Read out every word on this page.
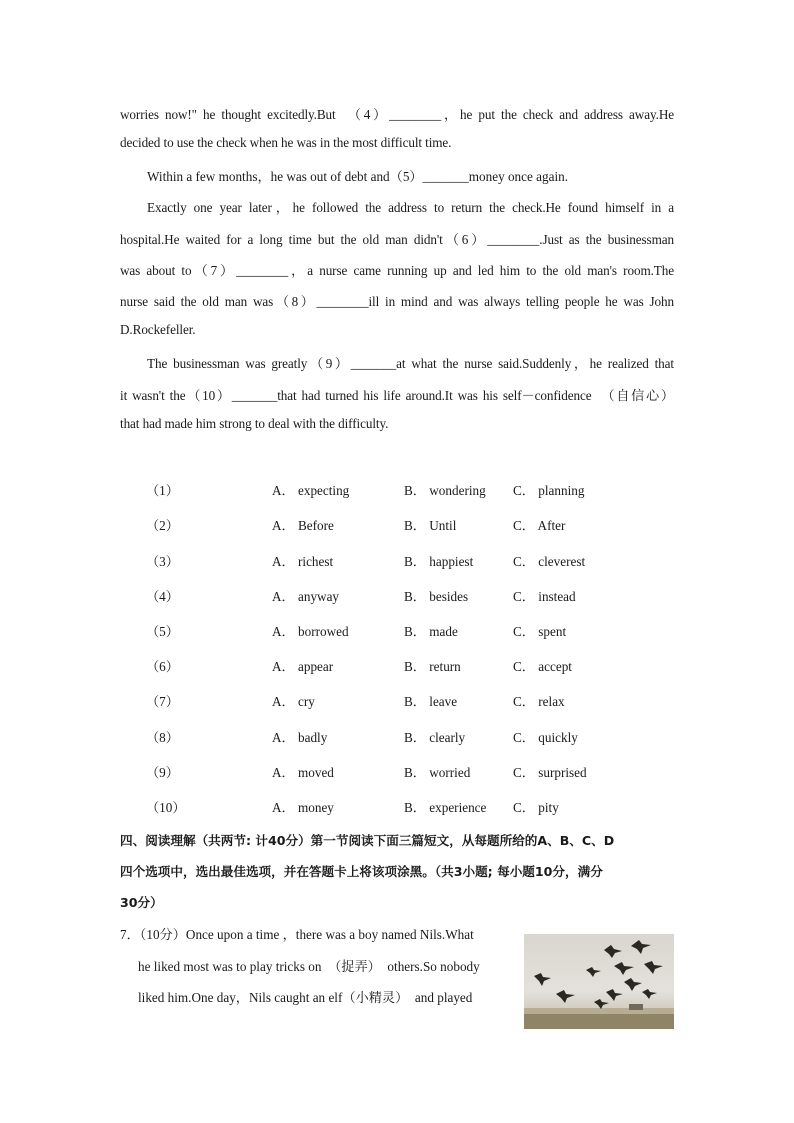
worries now!" he thought excitedly.But  （4）________，he put the check and address away.He
decided to use the check when he was in the most difficult time.
Within a few months，he was out of debt and（5）_______money once again.
Exactly one year later，he followed the address to return the check.He found himself in a
hospital.He waited for a long time but the old man didn't（6）________.Just as the businessman
was about to（7）________，a nurse came running up and led him to the old man's room.The
nurse said the old man was（8）________ill in mind and was always telling people he was John
D.Rockefeller.
The businessman was greatly（9）_______at what the nurse said.Suddenly，he realized that
it wasn't the（10）_______that had turned his life around.It was his self－confidence  （自信心）
that had made him strong to deal with the difficulty.
（1）	A． expecting	B． wondering C． planning
（2）	A． Before	B． Until	C． After
（3）	A． richest	B． happiest	C． cleverest
（4）	A． anyway	B． besides	C． instead
（5）	A． borrowed	B． made	C． spent
（6）	A． appear	B． return	C． accept
（7）	A． cry	B． leave	C． relax
（8）	A． badly	B． clearly	C． quickly
（9）	A． moved	B． worried	C． surprised
（10）	A． money	B． experience C． pity
四、阅读理解（共两节: 计40分）第一节阅读下面三篇短文，从每题所给的A、B、C、D
四个选项中，选出最佳选项，并在答题卡上将该项涂黑。（共3小题; 每小题10分，满分
30分）
7．（10分）Once upon a time ，there was a boy named Nils.What
he liked most was to play tricks on  （捉弄）  others.So nobody
liked him.One day，Nils caught an elf（小精灵）  and played
